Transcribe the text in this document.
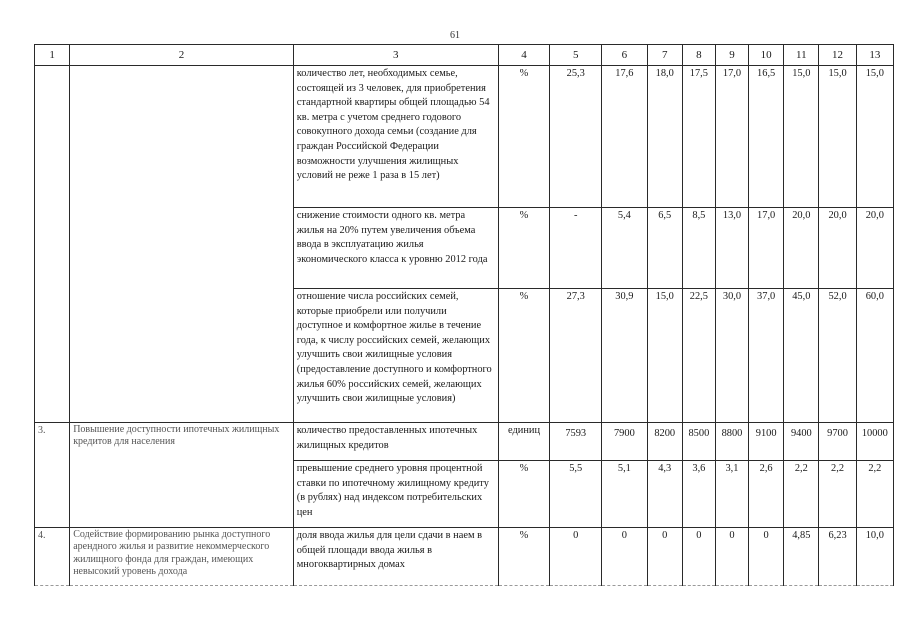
61
1	2	3	4	5	6	7	8	9	10	11	12	13
		количество лет, необходимых семье, состоящей из 3 человек, для приобретения стандартной квартиры общей площадью 54 кв. метра с учетом среднего годового совокупного дохода семьи (создание для граждан Российской Федерации возможности улучшения жилищных условий не реже 1 раза в 15 лет)	%	25,3	17,6	18,0	17,5	17,0	16,5	15,0	15,0	15,0
		снижение стоимости одного кв. метра жилья на 20% путем увеличения объема ввода в эксплуатацию жилья экономического класса к уровню 2012 года	%	-	5,4	6,5	8,5	13,0	17,0	20,0	20,0	20,0
		отношение числа российских семей, которые приобрели или получили доступное и комфортное жилье в течение года, к числу российских семей, желающих улучшить свои жилищные условия (предоставление доступного и комфортного жилья 60% российских семей, желающих улучшить свои жилищные условия)	%	27,3	30,9	15,0	22,5	30,0	37,0	45,0	52,0	60,0
3.	Повышение доступности ипотечных жилищных кредитов для населения	количество предоставленных ипотечных жилищных кредитов	единиц	7593	7900	8200	8500	8800	9100	9400	9700	10000
		превышение среднего уровня процентной ставки по ипотечному жилищному кредиту (в рублях) над индексом потребительских цен	%	5,5	5,1	4,3	3,6	3,1	2,6	2,2	2,2	2,2
4.	Содействие формированию рынка доступного арендного жилья и развитие некоммерческого жилищного фонда для граждан, имеющих невысокий уровень дохода	доля ввода жилья для цели сдачи в наем в общей площади ввода жилья в многоквартирных домах	%	0	0	0	0	0	0	4,85	6,23	10,0
